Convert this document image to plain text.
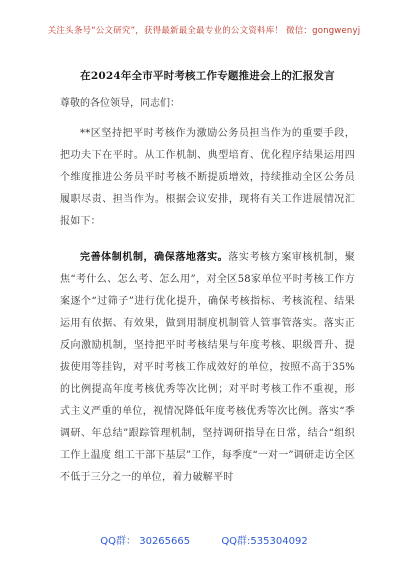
关注头条号“公文研究”，获得最新最全最专业的公文资料库！ 微信：gongwenyj
在2024年全市平时考核工作专题推进会上的汇报发言
尊敬的各位领导，同志们：

**区坚持把平时考核作为激励公务员担当作为的重要手段，把功夫下在平时。从工作机制、典型培育、优化程序结果运用四个维度推进公务员平时考核不断提质增效，持续推动全区公务员履职尽责、担当作为。根据会议安排，现将有关工作进展情况汇报如下：

完善体制机制，确保落地落实。落实考核方案审核机制，聚焦“考什么、怎么考、怎么用”，对全区58家单位平时考核工作方案逐个“过筛子”进行优化提升，确保考核指标、考核流程、结果运用有依据、有效果，做到用制度机制管人管事管落实。落实正反向激励机制，坚持把平时考核结果与年度考核、职级晋升、提拔使用等挂钩，对平时考核工作成效好的单位，按照不高于35%的比例提高年度考核优秀等次比例；对平时考核工作不重视，形式主义严重的单位，视情况降低年度考核优秀等次比例。落实“季调研、年总结”跟踪管理机制，坚持调研指导在日常，结合“组织工作上温度 组工干部下基层”工作，每季度“一对一”调研走访全区不低于三分之一的单位，着力破解平时

QQ群： 30265665	QQ群:535304092
